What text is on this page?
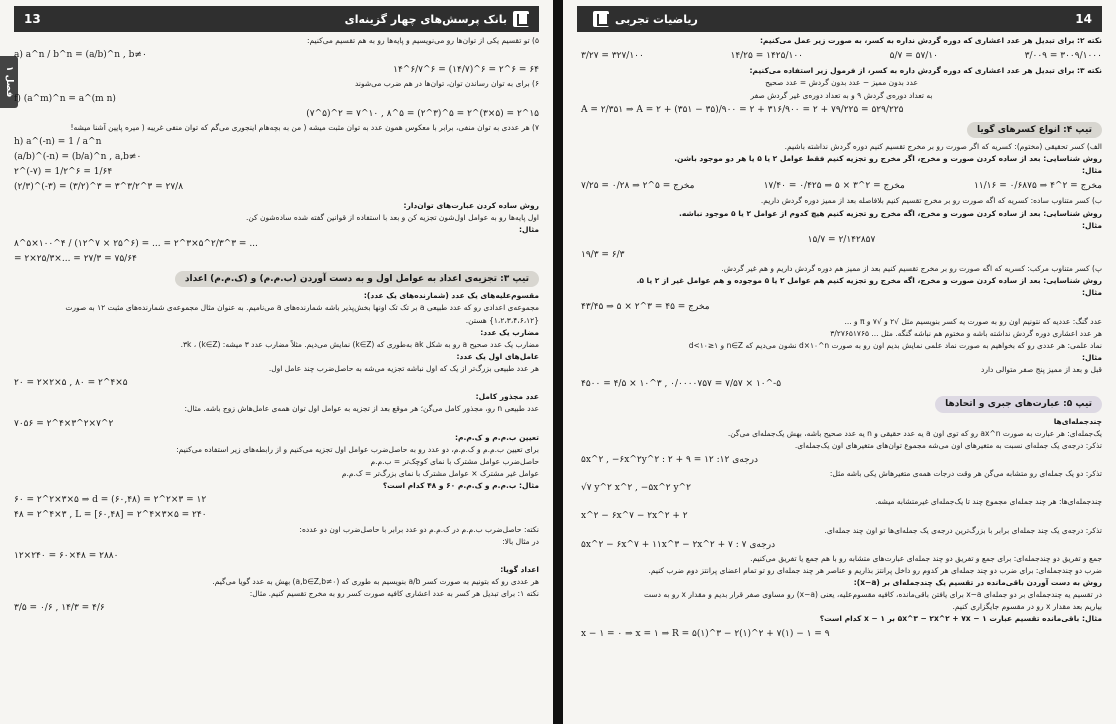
13	بانک پرسش‌های چهار گزینه‌ای
فصل ۱
۵) تو تقسیم یکی از توان‌ها رو می‌نویسیم و پایه‌ها رو به هم تقسیم می‌کنیم:
a) a^n / b^n = (a/b)^n , b≠۰
۱۴^۶/۷^۶ = (۱۴/۷)^۶ = ۲^۶ = ۶۴
۶) برای به توان رساندن توان، توان‌ها در هم ضرب می‌شوند
f) (a^m)^n = a^(m n)
(۷^۵)^۲ = ۷^۱۰ , ۸^۵ = (۲^۳)^۵ = ۲^(۳×۵) = ۲^۱۵
۷) هر عددی به توان منفی، برابر با معکوس همون عدد به توان مثبت میشه ( من به بچه‌هام اینجوری می‌گم که توان منفی غریبه ( میره پایین آشنا میشه!
h) a^(-n) = 1 / a^n
(a/b)^(-n) = (b/a)^n , a,b≠۰
۲^(-۷) = 1/۲^۶ = 1/۶۴
(۲/۳)^(-۳) = (۳/۲)^۳ = ۳^۳/۲^۳ = ۲۷/۸
روش ساده کردن عبارت‌های توان‌دار:
اول پایه‌ها رو به عوامل اول‌شون تجزیه کن و بعد با استفاده از قوانین گفته شده ساده‌شون کن.
مثال:
۸^۵×۱۰۰^۴ / (۱۲^۷ × ۲۵^۶) = ... = ۲^۳×۵^۲/۳^۳ = ...
= ۲×۲۵/۳×... = ۲۷/۳ = ۷۵/۶۴
تیپ ۳: تجزیه‌ی اعداد به عوامل اول و به دست آوردن (ب.م.م) و (ک.م.م) اعداد
مقسوم‌علیه‌های یک عدد (شمارنده‌های یک عدد):
مجموعه‌ی اعدادی رو که عدد طبیعی a بر تک تک اونها بخش‌پذیر باشه شمارنده‌های a می‌نامیم. به عنوان مثال مجموعه‌ی شمارنده‌های مثبت ۱۲ به صورت
{۱،۲،۳،۴،۶،۱۲} هستن.
مضارب یک عدد:
مضارب یک عدد صحیح a رو به شکل ak به‌طوری که (k∈Z) نمایش می‌دیم. مثلاً مضارب عدد ۳ میشه: ۳k ، (k∈Z).
عامل‌های اول یک عدد:
هر عدد طبیعی بزرگ‌تر از یک که اول نباشه تجزیه می‌شه به حاصل‌ضرب چند عامل اول.
۲۰ = ۲×۲×۵ , ۸۰ = ۲^۴×۵
عدد مجذور کامل:
عدد طبیعی n رو، مجذور کامل می‌گن؛ هر موقع بعد از تجزیه به عوامل اول توان همه‌ی عامل‌هاش زوج باشه. مثال:
۷۰۵۶ = ۲^۴×۳^۲×۷^۲
تعیین ب.م.م و ک.م.م:
برای تعیین ب.م.م و ک.م.م، دو عدد رو به حاصل‌ضرب عوامل اول تجزیه می‌کنیم و از رابطه‌های زیر استفاده می‌کنیم:
حاصل‌ضرب عوامل مشترک با نمای کوچک‌تر = ب.م.م
عوامل غیر مشترک × عوامل مشترک با نمای بزرگ‌تر = ک.م.م
مثال: ب.م.م و ک.م.م ۶۰ و ۴۸ کدام است؟
۶۰ = ۲^۲×۳×۵ ⇒ d = (۶۰,۴۸) = ۲^۲×۳ = ۱۲
۴۸ = ۲^۴×۳ , L = [۶۰,۴۸] = ۲^۴×۳×۵ = ۲۴۰
نکته: حاصل‌ضرب ب.م.م در ک.م.م دو عدد برابر با حاصل‌ضرب اون دو عدده:
در مثال بالا:
۱۲×۲۴۰ = ۶۰×۴۸ = ۲۸۸۰
اعداد گویا:
هر عددی رو که بتونیم به صورت کسر a/b بنویسیم به طوری که (a,b∈Z,b≠۰) بهش به عدد گویا می‌گیم.
نکته ۱: برای تبدیل هر کسر به عدد اعشاری کافیه صورت کسر رو به مخرج تقسیم کنیم. مثال:
۳/۵ = ۰/۶ , ۱۴/۳ = ۴/۶
ریاضیات تجربی	14
نکته ۲: برای تبدیل هر عدد اعشاری که دوره گردش نداره به کسر، به صورت زیر عمل می‌کنیم:
۳/۲۷ = ۳۲۷/۱۰۰	۱۴/۲۵ = ۱۴۲۵/۱۰۰	۵/۷ = ۵۷/۱۰	۳/۰۰۹ = ۳۰۰۹/۱۰۰۰
نکته ۳: برای تبدیل هر عدد اعشاری که دوره گردش داره به کسر، از فرمول زیر استفاده می‌کنیم:
عدد بدون ممیز − عدد بدون گردش = عدد صحیح
به تعداد دوره‌ی گردش ۹ و به تعداد دوره‌ی غیر گردش صفر
A = ۲/۳۵۱ ⇒ A = ۲ + (۳۵۱ − ۳۵)/۹۰۰ = ۲ + ۳۱۶/۹۰۰ = ۲ + ۷۹/۲۲۵ = ۵۲۹/۲۲۵
تیپ ۴: انواع کسرهای گویا
الف) کسر تحقیقی (مختوم): کسریه که اگر صورت رو بر مخرج تقسیم کنیم دوره گردش نداشته باشیم.
روش شناسایی: بعد از ساده کردن صورت و مخرج، اگر مخرج رو تجزیه کنیم فقط عوامل ۲ یا ۵ یا هر دو موجود باشن.
مثال:
۷/۲۵ = ۰/۲۸ ⇒ مخرج = ۵^۲	۱۷/۴۰ = ۰/۴۲۵ ⇒ مخرج = ۲^۳ × ۵	۱۱/۱۶ = ۰/۶۸۷۵ ⇒ مخرج = ۲^۴
ب) کسر متناوب ساده: کسریه که اگه صورت رو بر مخرج تقسیم کنیم بلافاصله بعد از ممیز دوره گردش داریم.
روش شناسایی: بعد از ساده کردن صورت و مخرج، اگه مخرج رو تجزیه کنیم هیچ کدوم از عوامل ۲ یا ۵ موجود نباشه.
مثال:
۱۵/۷ = ۲/۱۴۲۸۵۷
۱۹/۳ = ۶/۳
پ) کسر متناوب مرکب: کسریه که اگه صورت رو بر مخرج تقسیم کنیم بعد از ممیز هم دوره گردش داریم و هم غیر گردش.
روش شناسایی: بعد از ساده کردن صورت و مخرج، اگه مخرج رو تجزیه کنیم هم عوامل ۲ یا ۵ موجوده و هم عوامل غیر از ۲ یا ۵.
مثال:
۴۳/۴۵ ⇒ مخرج = ۴۵ = ۳^۲ × ۵
عدد گنگ: عددیه که نتونیم اون رو به صورت یه کسر بنویسیم مثل √۲ و √۷ و π و ...
هر عدد اعشاری دوره گردش نداشته باشه و مختوم هم نباشه گنگه. مثل ... ۳/۲۷۶۵۱۷۶۵
نماد علمی: هر عددی رو که بخواهیم به صورت نماد علمی نمایش بدیم اون رو به صورت d×۱۰^n نشون می‌دیم که n∈Z و ۱≤d<۱۰
مثال:
قبل و بعد از ممیز پنج صفر متوالی دارد
۴۵۰۰ = ۴/۵ × ۱۰^۳ , ۰/۰۰۰۰۷۵۷ = ۷/۵۷ × ۱۰^-۵
تیپ ۵: عبارت‌های جبری و اتحادها
چندجمله‌ای‌ها
یک‌جمله‌ای: هر عبارت به صورت ax^n رو که توی اون a یه عدد حقیقی و n یه عدد صحیح باشه، بهش یک‌جمله‌ای می‌گن.
تذکر: درجه‌ی یک جمله‌ای نسبت به متغیرهای اون می‌شه مجموع توان‌های متغیرهای اون یک‌جمله‌ای.
۵x^۲ , −۶x^۲y^۲ : ۲ + ۹ = ۱۲ :۱۲ درجه‌ی
تذکر: دو یک جمله‌ای رو متشابه می‌گن هر وقت درجات همه‌ی متغیرهاش یکی باشه مثل:
√۷ y^۲ x^۲ , −۵x^۲ y^۲
چندجمله‌ای‌ها: هر چند جمله‌ای مجموع چند تا یک‌جمله‌ای غیرمتشابه میشه.
x^۲ − ۶x^۷ − ۲x^۲ + ۲
تذکر: درجه‌ی یک چند جمله‌ای برابر با بزرگ‌ترین درجه‌ی یک جمله‌ای‌ها تو اون چند جمله‌ای.
۵x^۲ − ۶x^۷ + ۱۱x^۳ − ۲x^۲ + ۷ : درجه‌ی ۷
جمع و تفریق دو چندجمله‌ای: برای جمع و تفریق دو چند جمله‌ای عبارت‌های متشابه رو با هم جمع یا تفریق می‌کنیم.
ضرب دو چندجمله‌ای: برای ضرب دو چند جمله‌ای هر کدوم رو داخل پرانتز بذاریم و عناصر هر چند جمله‌ای رو تو تمام اعضای پرانتز دوم ضرب کنیم.
روش به دست آوردن باقی‌مانده در تقسیم یک چندجمله‌ای بر (x−a):
در تقسیم یه چندجمله‌ای بر دو جمله‌ای x−a برای یافتن باقی‌مانده، کافیه مقسوم‌علیه، یعنی (x−a) رو مساوی صفر قرار بدیم و مقدار x رو به دست
بیاریم بعد مقدار x رو در مقسوم جایگزاری کنیم.
مثال: باقی‌مانده تقسیم عبارت ۵x^۳ − ۲x^۲ + ۷x − ۱ بر x − ۱ کدام است؟
x − ۱ = ۰ ⇒ x = ۱ ⇒ R = ۵(۱)^۳ − ۲(۱)^۲ + ۷(۱) − ۱ = ۹
